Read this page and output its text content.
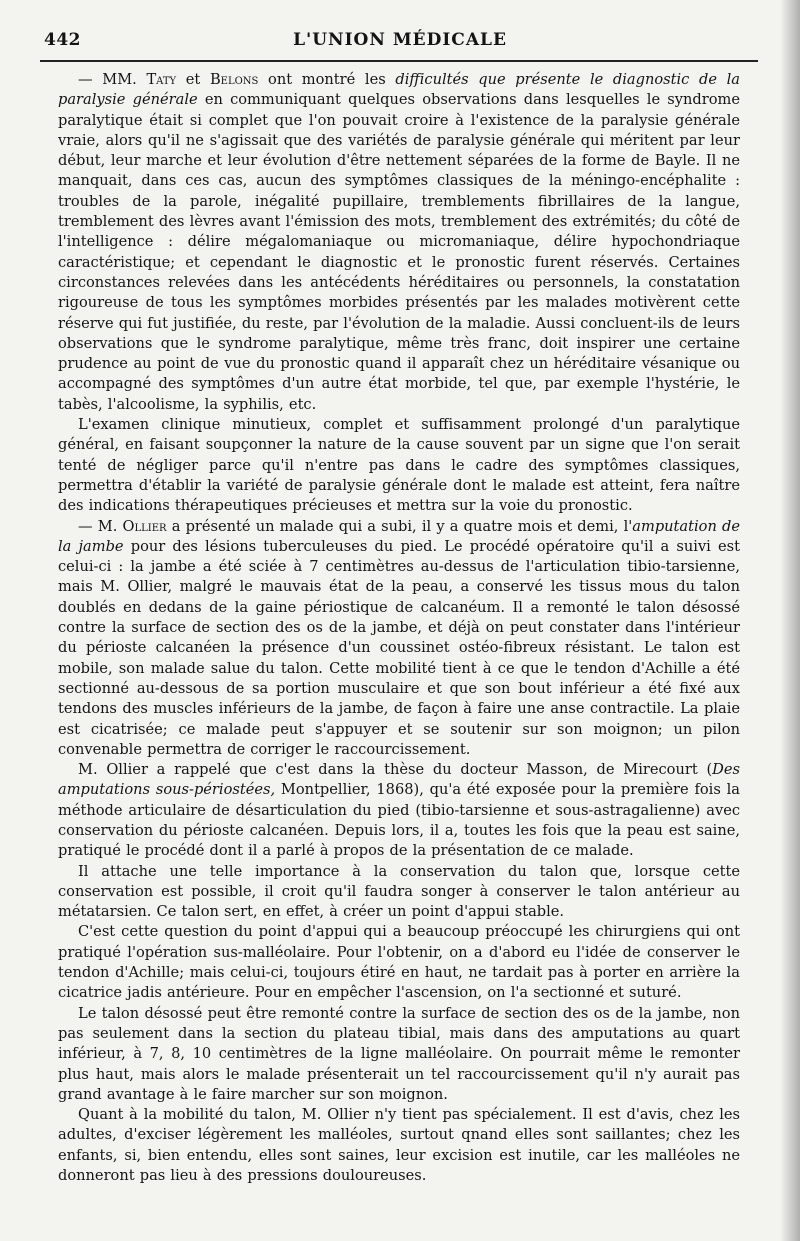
442	L'UNION MÉDICALE

— MM. Taty et Belons ont montré les difficultés que présente le diagnostic de la paralysie générale en communiquant quelques observations dans lesquelles le syndrome paralytique était si complet que l'on pouvait croire à l'existence de la paralysie générale vraie, alors qu'il ne s'agissait que des variétés de paralysie générale qui méritent par leur début, leur marche et leur évolution d'être nettement séparées de la forme de Bayle. Il ne manquait, dans ces cas, aucun des symptômes classiques de la méningo-encéphalite : troubles de la parole, inégalité pupillaire, tremblements fibrillaires de la langue, tremblement des lèvres avant l'émission des mots, tremblement des extrémités; du côté de l'intelligence : délire mégalomaniaque ou micromaniaque, délire hypochondriaque caractéristique; et cependant le diagnostic et le pronostic furent réservés. Certaines circonstances relevées dans les antécédents héréditaires ou personnels, la constatation rigoureuse de tous les symptômes morbides présentés par les malades motivèrent cette réserve qui fut justifiée, du reste, par l'évolution de la maladie. Aussi concluent-ils de leurs observations que le syndrome paralytique, même très franc, doit inspirer une certaine prudence au point de vue du pronostic quand il apparaît chez un héréditaire vésanique ou accompagné des symptômes d'un autre état morbide, tel que, par exemple l'hystérie, le tabès, l'alcoolisme, la syphilis, etc.

L'examen clinique minutieux, complet et suffisamment prolongé d'un paralytique général, en faisant soupçonner la nature de la cause souvent par un signe que l'on serait tenté de négliger parce qu'il n'entre pas dans le cadre des symptômes classiques, permettra d'établir la variété de paralysie générale dont le malade est atteint, fera naître des indications thérapeutiques précieuses et mettra sur la voie du pronostic.

— M. Ollier a présenté un malade qui a subi, il y a quatre mois et demi, l'amputation de la jambe pour des lésions tuberculeuses du pied. Le procédé opératoire qu'il a suivi est celui-ci : la jambe a été sciée à 7 centimètres au-dessus de l'articulation tibio-tarsienne, mais M. Ollier, malgré le mauvais état de la peau, a conservé les tissus mous du talon doublés en dedans de la gaine périostique de calcanéum. Il a remonté le talon désossé contre la surface de section des os de la jambe, et déjà on peut constater dans l'intérieur du périoste calcanéen la présence d'un coussinet ostéo-fibreux résistant. Le talon est mobile, son malade salue du talon. Cette mobilité tient à ce que le tendon d'Achille a été sectionné au-dessous de sa portion musculaire et que son bout inférieur a été fixé aux tendons des muscles inférieurs de la jambe, de façon à faire une anse contractile. La plaie est cicatrisée; ce malade peut s'appuyer et se soutenir sur son moignon; un pilon convenable permettra de corriger le raccourcissement.

M. Ollier a rappelé que c'est dans la thèse du docteur Masson, de Mirecourt (Des amputations sous-périostées, Montpellier, 1868), qu'a été exposée pour la première fois la méthode articulaire de désarticulation du pied (tibio-tarsienne et sous-astragalienne) avec conservation du périoste calcanéen. Depuis lors, il a, toutes les fois que la peau est saine, pratiqué le procédé dont il a parlé à propos de la présentation de ce malade.

Il attache une telle importance à la conservation du talon que, lorsque cette conservation est possible, il croit qu'il faudra songer à conserver le talon antérieur au métatarsien. Ce talon sert, en effet, à créer un point d'appui stable.

C'est cette question du point d'appui qui a beaucoup préoccupé les chirurgiens qui ont pratiqué l'opération sus-malléolaire. Pour l'obtenir, on a d'abord eu l'idée de conserver le tendon d'Achille; mais celui-ci, toujours étiré en haut, ne tardait pas à porter en arrière la cicatrice jadis antérieure. Pour en empêcher l'ascension, on l'a sectionné et suturé.

Le talon désossé peut être remonté contre la surface de section des os de la jambe, non pas seulement dans la section du plateau tibial, mais dans des amputations au quart inférieur, à 7, 8, 10 centimètres de la ligne malléolaire. On pourrait même le remonter plus haut, mais alors le malade présenterait un tel raccourcissement qu'il n'y aurait pas grand avantage à le faire marcher sur son moignon.

Quant à la mobilité du talon, M. Ollier n'y tient pas spécialement. Il est d'avis, chez les adultes, d'exciser légèrement les malléoles, surtout qnand elles sont saillantes; chez les enfants, si, bien entendu, elles sont saines, leur excision est inutile, car les malléoles ne donneront pas lieu à des pressions douloureuses.
